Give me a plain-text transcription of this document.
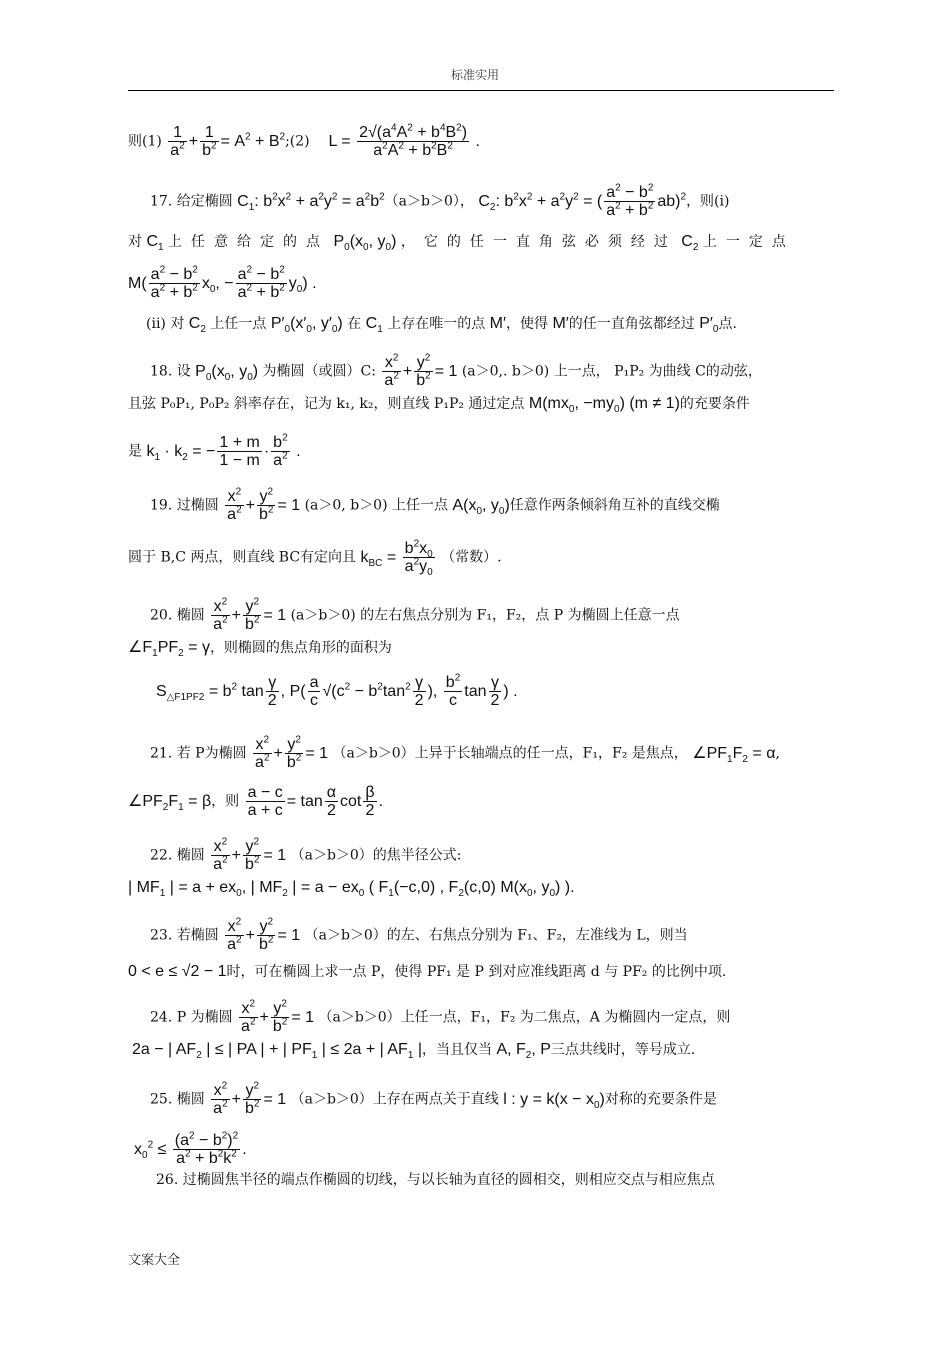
标准实用
则$(1) \frac{1}{a^2} + \frac{1}{b^2} = A^2$ + $B^2;(2) L = \frac{2√(a^4A^2 + b^4B^2)}{a^2A^2 + b^2B^2}$ .
17. 给定椭圆 $C_1$: $b^2x^2 + a^2y^2 = a^2b^2(a>b>0)$， $C_2$: $b^2x^2 + a^2y^2$ = ( $\frac{a^2 - b^2}{a^2 + b^2} ab)^2$，则(i)
对 $C_1$ 上任意给定的点 $P_0(x_0$, $y_0$) ，它的任一直角弦必须经过 $C_2$ 上一定点
$M( \frac{a^2 - b^2}{a^2 + b^2} x_0$, − $\frac{a^2 - b^2}{a^2 + b^2} y_0$) .
(ii) 对 $C_2$ 上任一点 $P'_0(x'_0$, $y'_0$) 在 $C_1$ 上存在唯一的点 M′，使得 M′的任一直角弦都经过 $P'_0$点.
18. 设 $P_0(x_0$, $y_0$) 为椭圆（或圆）C: $\frac{x^2}{a^2} + \frac{y^2}{b^2} = 1$ (a＞0,. b＞0) 上一点， P₁P₂ 为曲线 C的动弦，
且弦 P₀P₁, P₀P₂ 斜率存在，记为 k₁, k₂，则直线 P₁P₂ 通过定点 $M(mx_0$, $-my_0$) (m ≠ 1)的充要条件
是 $k_1 \cdot k_2$ = − $\frac{1 + m}{1 - m} \cdot \frac{b^2}{a^2}$ .
19. 过椭圆 $\frac{x^2}{a^2} + \frac{y^2}{b^2} = 1$ (a＞0, b＞0) 上任一点 $A(x_0$, $y_0$)任意作两条倾斜角互补的直线交椭
圆于 B,C 两点，则直线 BC有定向且 $k_{BC} = \frac{b^2x_0}{a^2y_0}$ （常数）.
20. 椭圆 $\frac{x^2}{a^2} + \frac{y^2}{b^2} = 1$ (a＞b＞0) 的左右焦点分别为 F₁，F₂，点 P 为椭圆上任意一点
$\angle F_1PF_2 = \gamma$，则椭圆的焦点角形的面积为
$S_{\triangle F1PF2} = b^2$ $\tan \frac{\gamma}{2}$ , $P( \frac{a}{c} √(c^2 - b^2\tan^2 \frac{\gamma}{2}$ ), $\frac{b^2}{c}$ $\tan \frac{\gamma}{2}$ ) .
21. 若 P为椭圆 $\frac{x^2}{a^2} + \frac{y^2}{b^2} = 1$ （a＞b＞0）上异于长轴端点的任一点，F₁，F₂ 是焦点， $\angle PF_1F_2 = \alpha$,
$\angle PF_2F_1 = \beta$，则 $\frac{a - c}{a + c} = \tan \frac{\alpha}{2}$ $\cot \frac{\beta}{2}$ .
22. 椭圆 $\frac{x^2}{a^2} + \frac{y^2}{b^2} = 1$ （a＞b＞0）的焦半径公式:
| $MF_1$ | = $a + ex_0$, | $MF_2$ | = $a - ex_0$ ( $F_1(-c,0)$ , $F_2(c,0)$ $M(x_0$, $y_0$) ).
23. 若椭圆 $\frac{x^2}{a^2} + \frac{y^2}{b^2} = 1$ （a＞b＞0）的左、右焦点分别为 F₁、F₂，左准线为 L，则当
0 < e ≤ √2 − 1时，可在椭圆上求一点 P，使得 PF₁ 是 P 到对应准线距离 d 与 PF₂ 的比例中项.
24. P 为椭圆 $\frac{x^2}{a^2} + \frac{y^2}{b^2} = 1$ （a＞b＞0）上任一点，F₁，F₂ 为二焦点，A 为椭圆内一定点，则
2a − | $AF_2$ | ≤ | PA | + | $PF_1$ | ≤ 2a + | $AF_1$ |，当且仅当 A, $F_2$, P三点共线时，等号成立.
25. 椭圆 $\frac{x^2}{a^2} + \frac{y^2}{b^2} = 1$ （a＞b＞0）上存在两点关于直线 l : $y = k(x - x_0)$对称的充要条件是
$x_0^2 \le \frac{(a^2 - b^2)^2}{a^2 + b^2k^2}$ .
26. 过椭圆焦半径的端点作椭圆的切线，与以长轴为直径的圆相交，则相应交点与相应焦点
文案大全
